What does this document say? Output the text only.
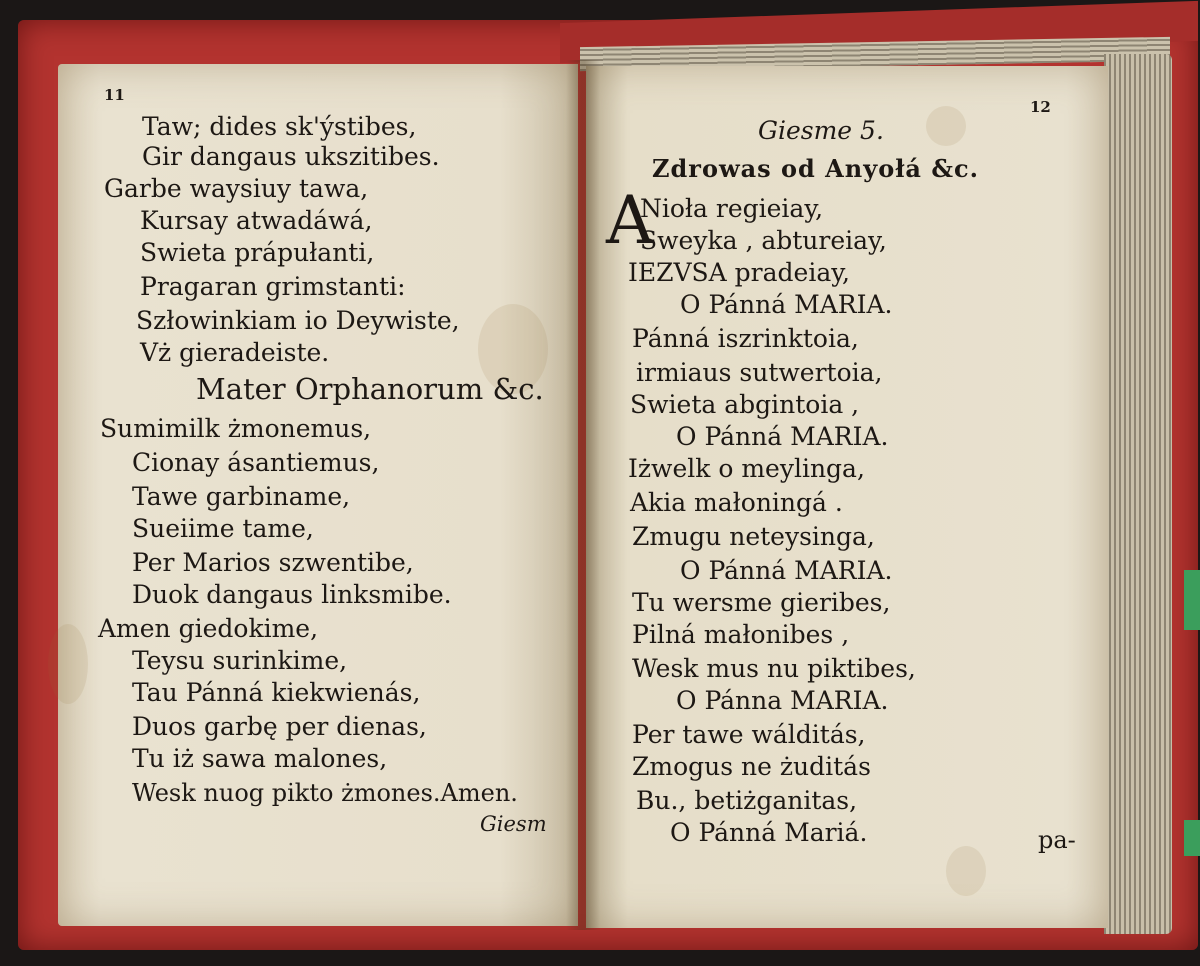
11
Taw; dides sk'ýstibes,
Gir dangaus ukszitibes.
Garbe waysiuy tawa,
Kursay atwadáwá,
Swieta prápułanti,
Pragaran grimstanti:
Szłowinkiam io Deywiste,
Vż gieradeiste.
Mater Orphanorum &c.
Sumimilk żmonemus,
Cionay ásantiemus,
Tawe garbiname,
Sueiime tame,
Per Marios szwentibe,
Duok dangaus linksmibe.
Amen giedokime,
Teysu surinkime,
Tau Pánná kiekwienás,
Duos garbę per dienas,
Tu iż sawa malones,
Wesk nuog pikto żmones.Amen.
Giesm
12
Giesme 5.
Zdrowas od Anyołá &c.
A
Nioła regieiay,
Sweyka , abtureiay,
IEZVSA pradeiay,
O Pánná MARIA.
Pánná iszrinktoia,
irmiaus sutwertoia,
Swieta abgintoia ,
O Pánná MARIA.
Iżwelk o meylinga,
Akia małoningá .
Zmugu neteysinga,
O Pánná MARIA.
Tu wersme gieribes,
Pilná małonibes ,
Wesk mus nu piktibes,
O Pánna MARIA.
Per tawe wálditás,
Zmogus ne żuditás
Bu., betiżganitas,
O Pánná Mariá.	pa-
